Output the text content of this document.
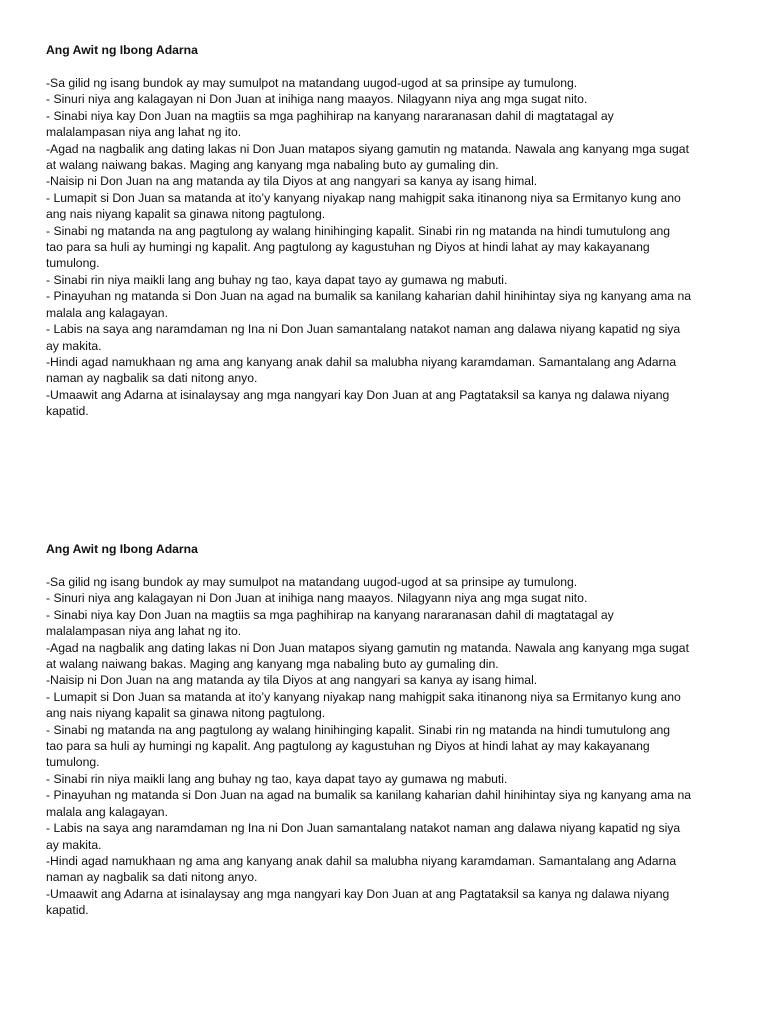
Ang Awit ng Ibong Adarna

-Sa gilid ng isang bundok ay may sumulpot na matandang uugod-ugod at sa prinsipe ay tumulong.

- Sinuri niya ang kalagayan ni Don Juan at inihiga nang maayos. Nilagyann niya ang mga sugat nito.

- Sinabi niya kay Don Juan na magtiis sa mga paghihirap na kanyang nararanasan dahil di magtatagal ay
malalampasan niya ang lahat ng ito.

-Agad na nagbalik ang dating lakas ni Don Juan matapos siyang gamutin ng matanda. Nawala ang kanyang mga sugat
at walang naiwang bakas. Maging ang kanyang mga nabaling buto ay gumaling din.

-Naisip ni Don Juan na ang matanda ay tila Diyos at ang nangyari sa kanya ay isang himal.

- Lumapit si Don Juan sa matanda at ito’y kanyang niyakap nang mahigpit saka itinanong niya sa Ermitanyo kung ano
ang nais niyang kapalit sa ginawa nitong pagtulong.

- Sinabi ng matanda na ang pagtulong ay walang hinihinging kapalit. Sinabi rin ng matanda na hindi tumutulong ang
tao para sa huli ay humingi ng kapalit. Ang pagtulong ay kagustuhan ng Diyos at hindi lahat ay may kakayanang
tumulong.

- Sinabi rin niya maikli lang ang buhay ng tao, kaya dapat tayo ay gumawa ng mabuti.

- Pinayuhan ng matanda si Don Juan na agad na bumalik sa kanilang kaharian dahil hinihintay siya ng kanyang ama na
malala ang kalagayan.

- Labis na saya ang naramdaman ng Ina ni Don Juan samantalang natakot naman ang dalawa niyang kapatid ng siya
ay makita.

-Hindi agad namukhaan ng ama ang kanyang anak dahil sa malubha niyang karamdaman. Samantalang ang Adarna
naman ay nagbalik sa dati nitong anyo.

-Umaawit ang Adarna at isinalaysay ang mga nangyari kay Don Juan at ang Pagtataksil sa kanya ng dalawa niyang
kapatid.

Ang Awit ng Ibong Adarna

-Sa gilid ng isang bundok ay may sumulpot na matandang uugod-ugod at sa prinsipe ay tumulong.

- Sinuri niya ang kalagayan ni Don Juan at inihiga nang maayos. Nilagyann niya ang mga sugat nito.

- Sinabi niya kay Don Juan na magtiis sa mga paghihirap na kanyang nararanasan dahil di magtatagal ay
malalampasan niya ang lahat ng ito.

-Agad na nagbalik ang dating lakas ni Don Juan matapos siyang gamutin ng matanda. Nawala ang kanyang mga sugat
at walang naiwang bakas. Maging ang kanyang mga nabaling buto ay gumaling din.

-Naisip ni Don Juan na ang matanda ay tila Diyos at ang nangyari sa kanya ay isang himal.

- Lumapit si Don Juan sa matanda at ito’y kanyang niyakap nang mahigpit saka itinanong niya sa Ermitanyo kung ano
ang nais niyang kapalit sa ginawa nitong pagtulong.

- Sinabi ng matanda na ang pagtulong ay walang hinihinging kapalit. Sinabi rin ng matanda na hindi tumutulong ang
tao para sa huli ay humingi ng kapalit. Ang pagtulong ay kagustuhan ng Diyos at hindi lahat ay may kakayanang
tumulong.

- Sinabi rin niya maikli lang ang buhay ng tao, kaya dapat tayo ay gumawa ng mabuti.

- Pinayuhan ng matanda si Don Juan na agad na bumalik sa kanilang kaharian dahil hinihintay siya ng kanyang ama na
malala ang kalagayan.

- Labis na saya ang naramdaman ng Ina ni Don Juan samantalang natakot naman ang dalawa niyang kapatid ng siya
ay makita.

-Hindi agad namukhaan ng ama ang kanyang anak dahil sa malubha niyang karamdaman. Samantalang ang Adarna
naman ay nagbalik sa dati nitong anyo.

-Umaawit ang Adarna at isinalaysay ang mga nangyari kay Don Juan at ang Pagtataksil sa kanya ng dalawa niyang
kapatid.
